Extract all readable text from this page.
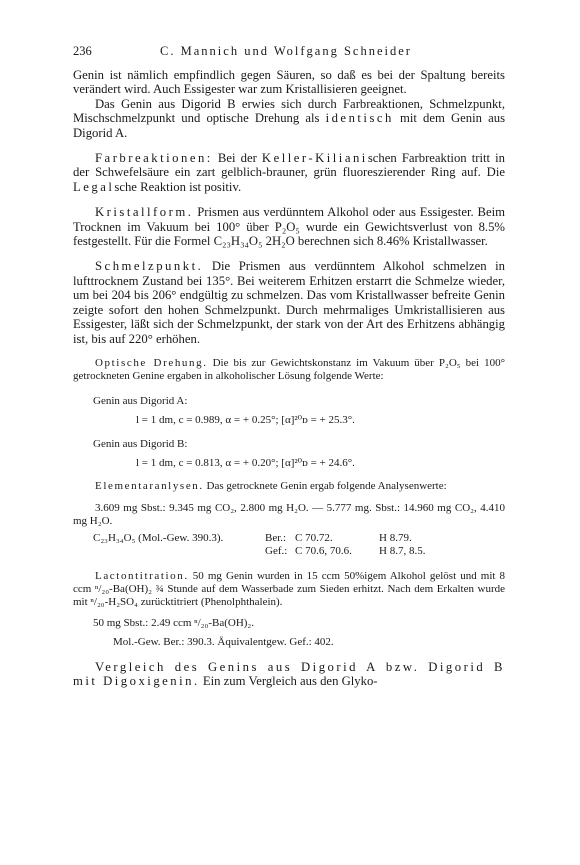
236	C. Mannich und Wolfgang Schneider

Genin ist nämlich empfindlich gegen Säuren, so daß es bei der Spaltung bereits verändert wird. Auch Essigester war zum Kristallisieren geeignet.

Das Genin aus Digorid B erwies sich durch Farbreaktionen, Schmelzpunkt, Mischschmelzpunkt und optische Drehung als identisch mit dem Genin aus Digorid A.

Farbreaktionen: Bei der Keller-Kilianischen Farbreaktion tritt in der Schwefelsäure ein zart gelblich-brauner, grün fluoreszierender Ring auf. Die Legalsche Reaktion ist positiv.

Kristallform. Prismen aus verdünntem Alkohol oder aus Essigester. Beim Trocknen im Vakuum bei 100° über P₂O₅ wurde ein Gewichtsverlust von 8.5% festgestellt. Für die Formel C₂₃H₃₄O₅ 2H₂O berechnen sich 8.46% Kristallwasser.

Schmelzpunkt. Die Prismen aus verdünntem Alkohol schmelzen in lufttrocknem Zustand bei 135°. Bei weiterem Erhitzen erstarrt die Schmelze wieder, um bei 204 bis 206° endgültig zu schmelzen. Das vom Kristallwasser befreite Genin zeigte sofort den hohen Schmelzpunkt. Durch mehrmaliges Umkristallisieren aus Essigester, läßt sich der Schmelzpunkt, der stark von der Art des Erhitzens abhängig ist, bis auf 220° erhöhen.

Optische Drehung. Die bis zur Gewichtskonstanz im Vakuum über P₂O₅ bei 100° getrockneten Genine ergaben in alkoholischer Lösung folgende Werte:

Genin aus Digorid A:
l = 1 dm, c = 0.989, α = + 0.25°; [α]²⁰ᴅ = + 25.3°.
Genin aus Digorid B:
l = 1 dm, c = 0.813, α = + 0.20°; [α]²⁰ᴅ = + 24.6°.

Elementaranlysen. Das getrocknete Genin ergab folgende Analysenwerte:

3.609 mg Sbst.: 9.345 mg CO₂, 2.800 mg H₂O. — 5.777 mg. Sbst.: 14.960 mg CO₂, 4.410 mg H₂O.

C₂₃H₃₄O₅ (Mol.-Gew. 390.3).	Ber.: C 70.72.	H 8.79.
Gef.: C 70.6, 70.6.	H 8.7, 8.5.

Lactontitration. 50 mg Genin wurden in 15 ccm 50%igem Alkohol gelöst und mit 8 ccm ⁿ/₂₀-Ba(OH)₂ ¾ Stunde auf dem Wasserbade zum Sieden erhitzt. Nach dem Erkalten wurde mit ⁿ/₂₀-H₂SO₄ zurücktitriert (Phenolphthalein).

50 mg Sbst.: 2.49 ccm ⁿ/₂₀-Ba(OH)₂.
Mol.-Gew. Ber.: 390.3. Äquivalentgew. Gef.: 402.

Vergleich des Genins aus Digorid A bzw. Digorid B mit Digoxigenin. Ein zum Vergleich aus den Glyko-
